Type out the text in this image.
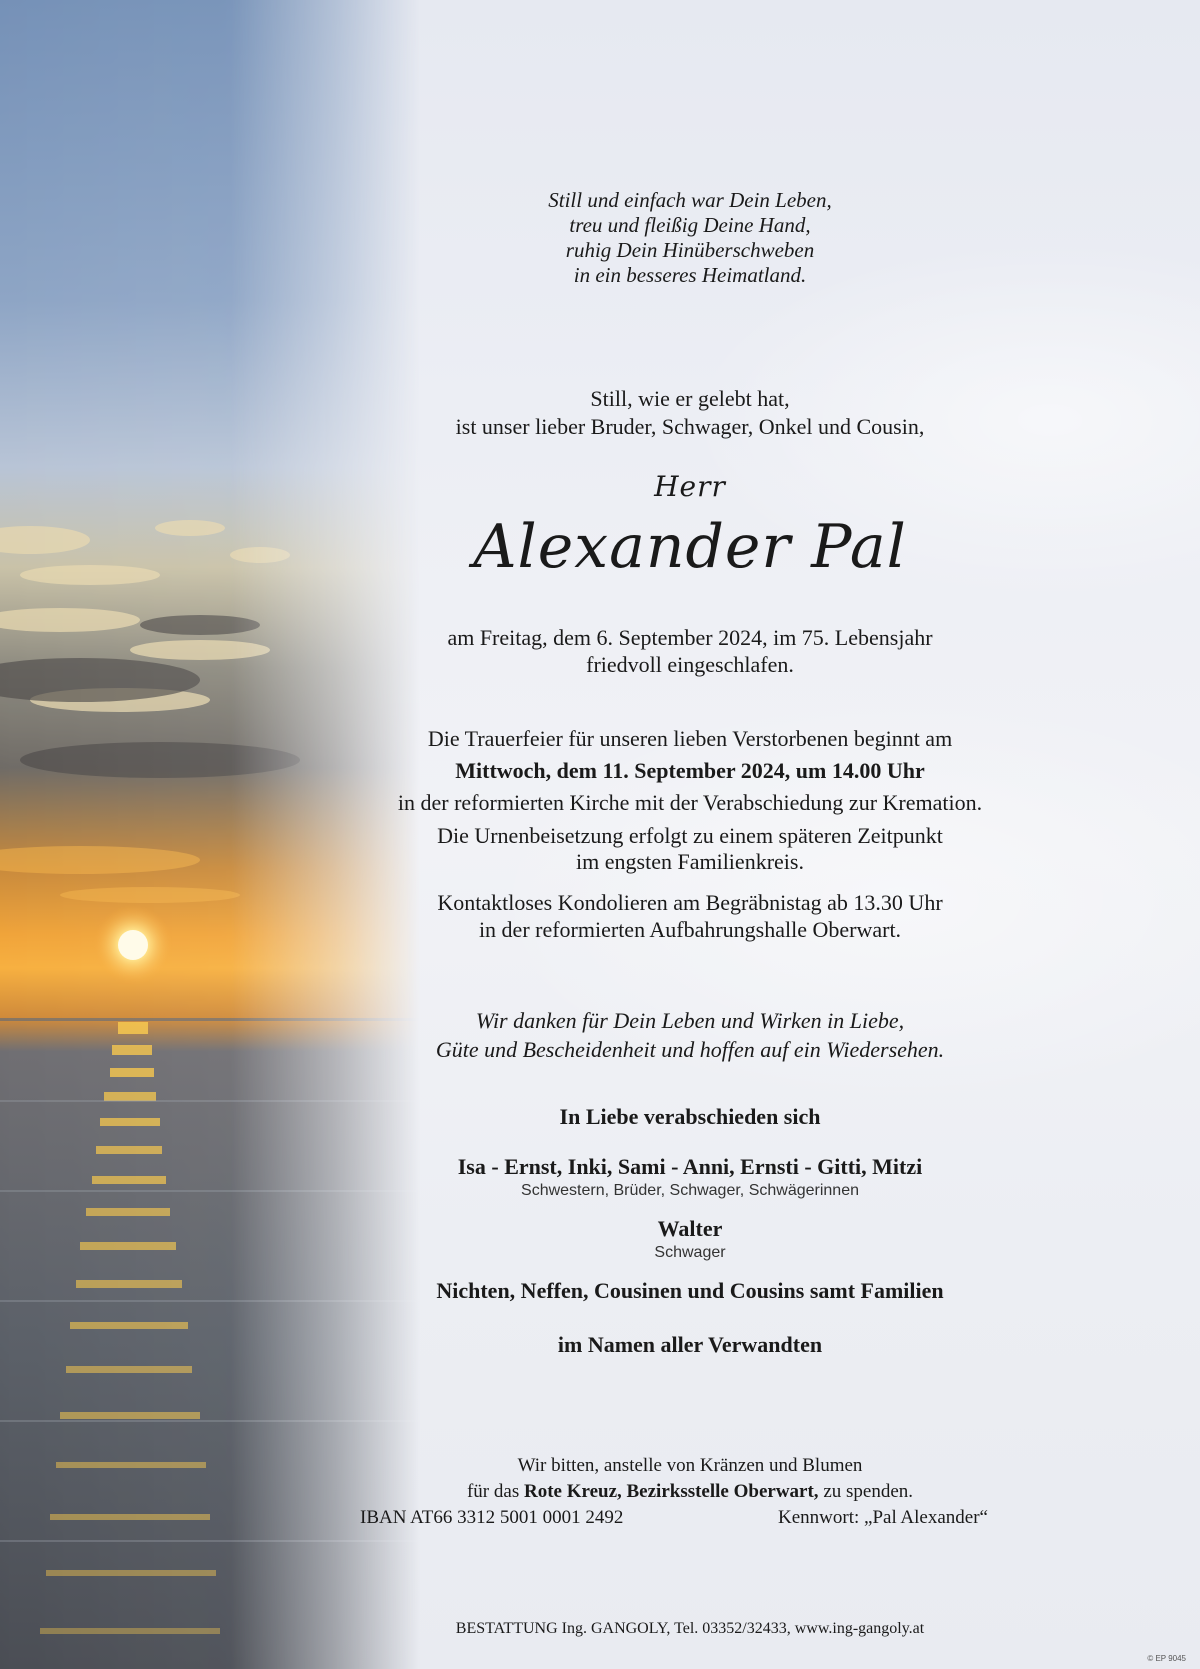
Still und einfach war Dein Leben,
treu und fleißig Deine Hand,
ruhig Dein Hinüberschweben
in ein besseres Heimatland.
Still, wie er gelebt hat,
ist unser lieber Bruder, Schwager, Onkel und Cousin,
Herr
Alexander Pal
am Freitag, dem 6. September 2024, im 75. Lebensjahr
friedvoll eingeschlafen.
Die Trauerfeier für unseren lieben Verstorbenen beginnt am
Mittwoch, dem 11. September 2024, um 14.00 Uhr
in der reformierten Kirche mit der Verabschiedung zur Kremation.
Die Urnenbeisetzung erfolgt zu einem späteren Zeitpunkt
im engsten Familienkreis.
Kontaktloses Kondolieren am Begräbnistag ab 13.30 Uhr
in der reformierten Aufbahrungshalle Oberwart.
Wir danken für Dein Leben und Wirken in Liebe,
Güte und Bescheidenheit und hoffen auf ein Wiedersehen.
In Liebe verabschieden sich
Isa - Ernst, Inki, Sami - Anni, Ernsti - Gitti, Mitzi
Schwestern, Brüder, Schwager, Schwägerinnen
Walter
Schwager
Nichten, Neffen, Cousinen und Cousins samt Familien
im Namen aller Verwandten
Wir bitten, anstelle von Kränzen und Blumen
für das Rote Kreuz, Bezirksstelle Oberwart, zu spenden.
IBAN AT66 3312 5001 0001 2492	Kennwort: „Pal Alexander“
BESTATTUNG Ing. GANGOLY, Tel. 03352/32433, www.ing-gangoly.at
© EP 9045
